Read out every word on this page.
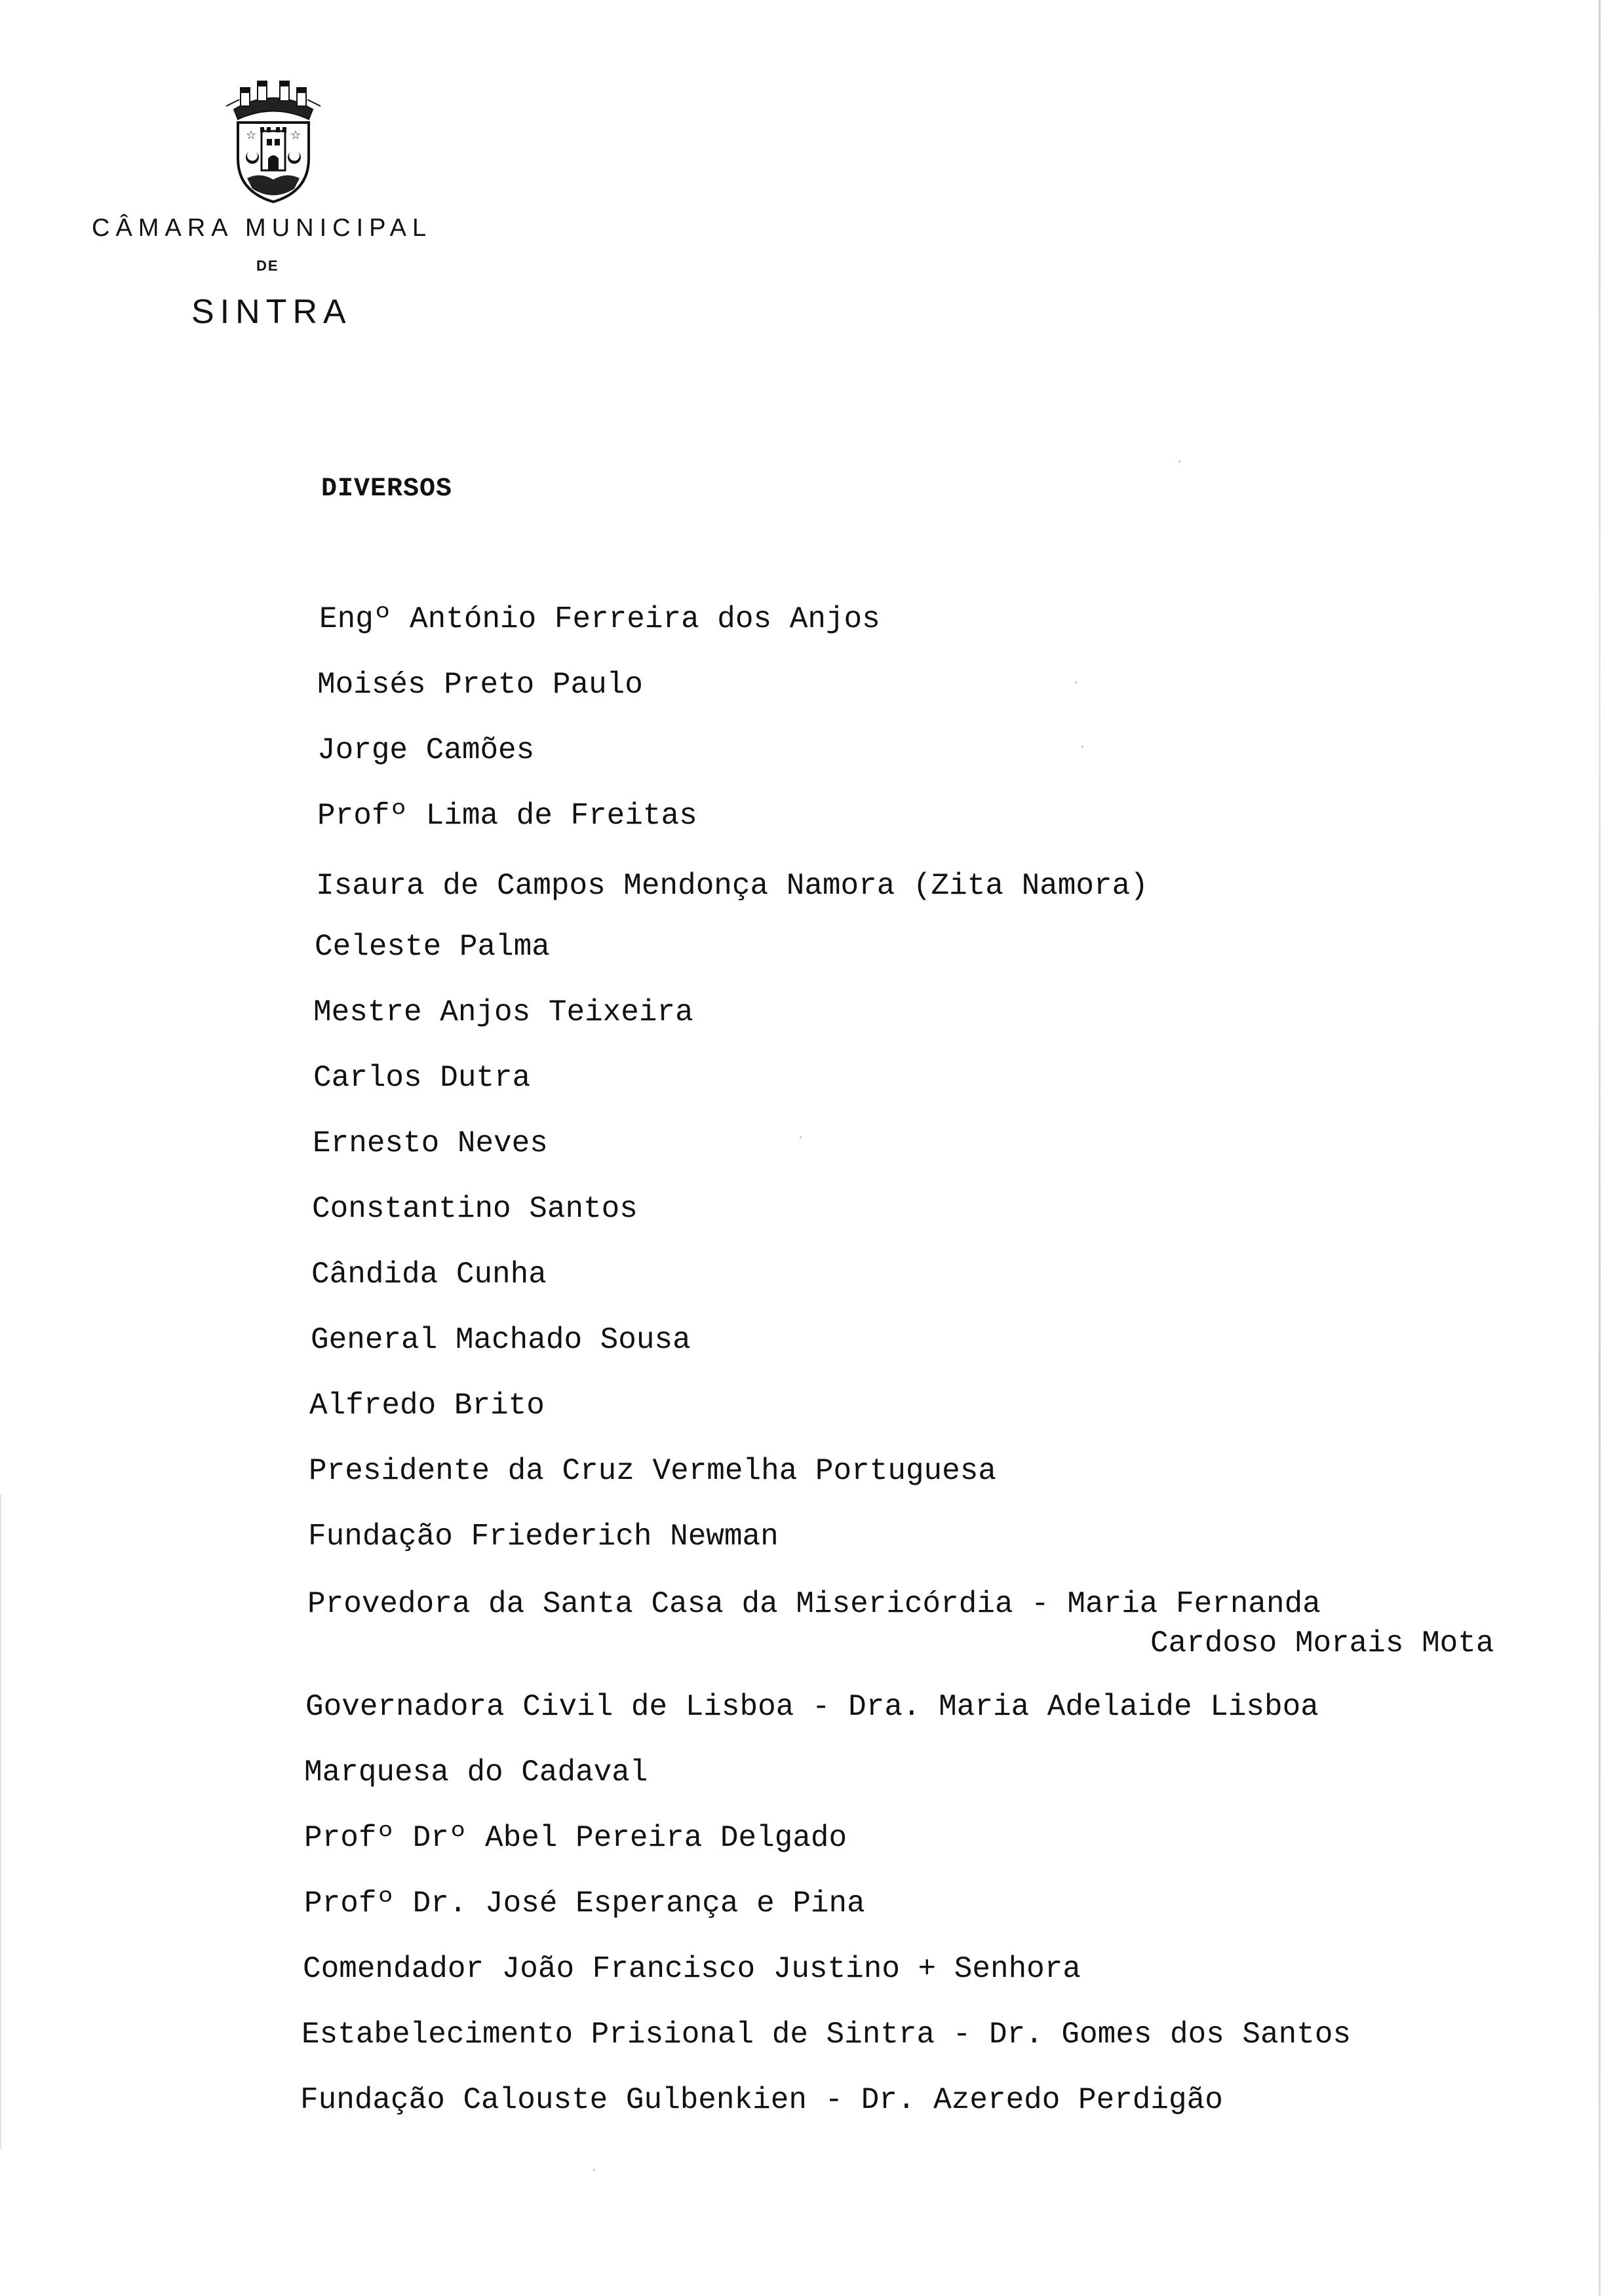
☆	☆
CÂMARA MUNICIPAL
DE
SINTRA
DIVERSOS
Engº António Ferreira dos Anjos
Moisés Preto Paulo
Jorge Camões
Profº Lima de Freitas
Isaura de Campos Mendonça Namora (Zita Namora)
Celeste Palma
Mestre Anjos Teixeira
Carlos Dutra
Ernesto Neves
Constantino Santos
Cândida Cunha
General Machado Sousa
Alfredo Brito
Presidente da Cruz Vermelha Portuguesa
Fundação Friederich Newman
Provedora da Santa Casa da Misericórdia - Maria Fernanda
Governadora Civil de Lisboa - Dra. Maria Adelaide Lisboa
Marquesa do Cadaval
Profº Drº Abel Pereira Delgado
Profº Dr. José Esperança e Pina
Comendador João Francisco Justino + Senhora
Estabelecimento Prisional de Sintra - Dr. Gomes dos Santos
Fundação Calouste Gulbenkien - Dr. Azeredo Perdigão
Cardoso Morais Mota
